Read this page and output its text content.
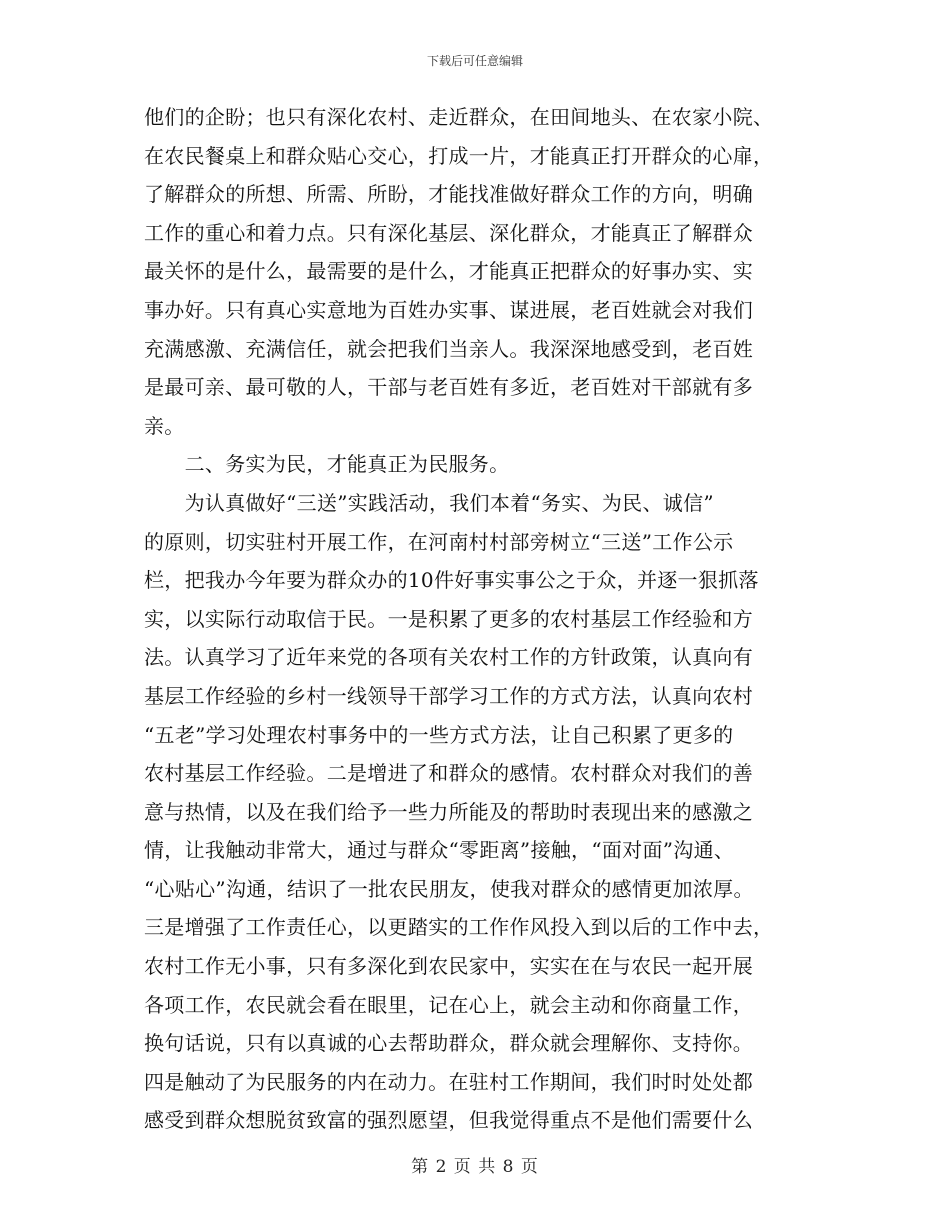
下载后可任意编辑
他们的企盼；也只有深化农村、走近群众，在田间地头、在农家小院、
在农民餐桌上和群众贴心交心，打成一片，才能真正打开群众的心扉，
了解群众的所想、所需、所盼，才能找准做好群众工作的方向，明确
工作的重心和着力点。只有深化基层、深化群众，才能真正了解群众
最关怀的是什么，最需要的是什么，才能真正把群众的好事办实、实
事办好。只有真心实意地为百姓办实事、谋进展，老百姓就会对我们
充满感激、充满信任，就会把我们当亲人。我深深地感受到，老百姓
是最可亲、最可敬的人，干部与老百姓有多近，老百姓对干部就有多
亲。
　　二、务实为民，才能真正为民服务。
　　为认真做好“三送”实践活动，我们本着“务实、为民、诚信”
的原则，切实驻村开展工作，在河南村村部旁树立“三送”工作公示
栏，把我办今年要为群众办的10件好事实事公之于众，并逐一狠抓落
实，以实际行动取信于民。一是积累了更多的农村基层工作经验和方
法。认真学习了近年来党的各项有关农村工作的方针政策，认真向有
基层工作经验的乡村一线领导干部学习工作的方式方法，认真向农村
“五老”学习处理农村事务中的一些方式方法，让自己积累了更多的
农村基层工作经验。二是增进了和群众的感情。农村群众对我们的善
意与热情，以及在我们给予一些力所能及的帮助时表现出来的感激之
情，让我触动非常大，通过与群众“零距离”接触，“面对面”沟通、
“心贴心”沟通，结识了一批农民朋友，使我对群众的感情更加浓厚。
三是增强了工作责任心，以更踏实的工作作风投入到以后的工作中去，
农村工作无小事，只有多深化到农民家中，实实在在与农民一起开展
各项工作，农民就会看在眼里，记在心上，就会主动和你商量工作，
换句话说，只有以真诚的心去帮助群众，群众就会理解你、支持你。
四是触动了为民服务的内在动力。在驻村工作期间，我们时时处处都
感受到群众想脱贫致富的强烈愿望，但我觉得重点不是他们需要什么
第 2 页 共 8 页
